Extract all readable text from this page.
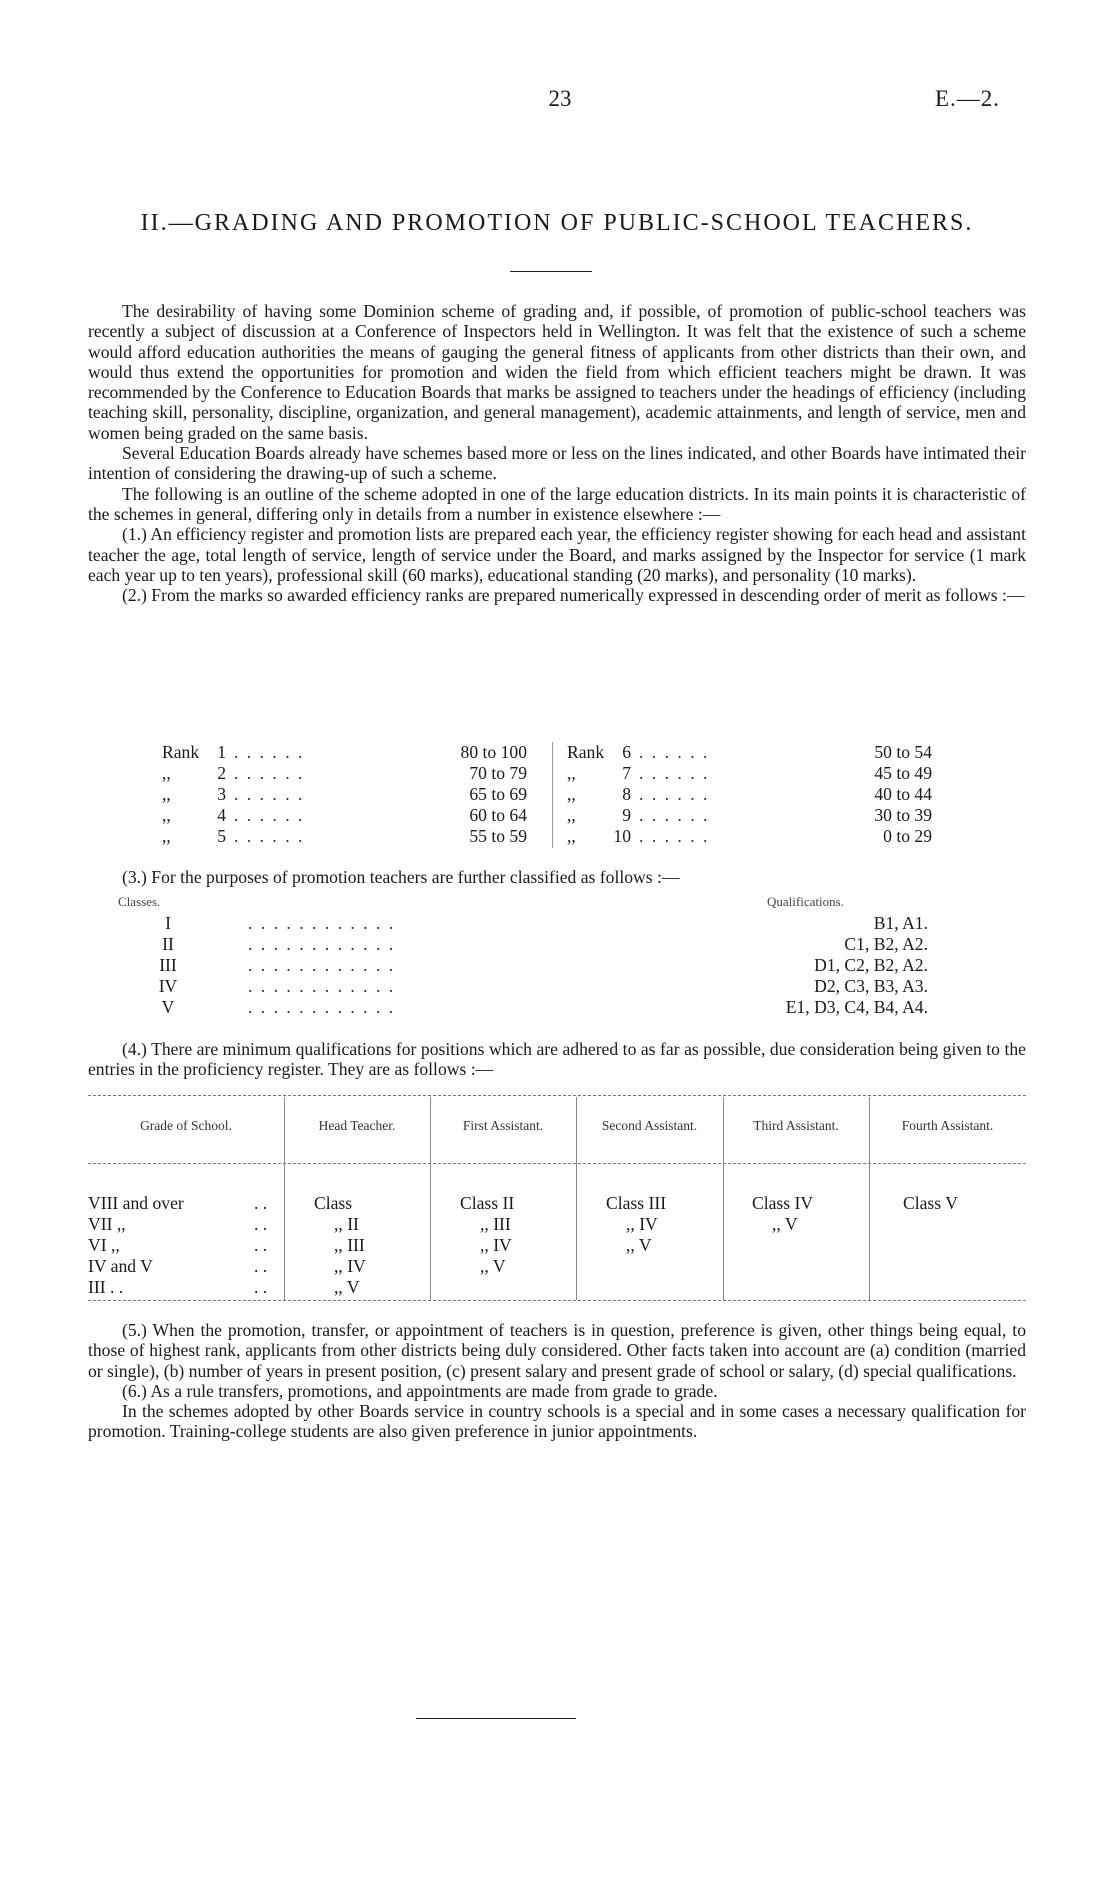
23	E.—2.
II.—GRADING AND PROMOTION OF PUBLIC-SCHOOL TEACHERS.

The desirability of having some Dominion scheme of grading and, if possible, of promotion of public-school teachers was recently a subject of discussion at a Conference of Inspectors held in Wellington. It was felt that the existence of such a scheme would afford education authorities the means of gauging the general fitness of applicants from other districts than their own, and would thus extend the opportunities for promotion and widen the field from which efficient teachers might be drawn. It was recommended by the Conference to Education Boards that marks be assigned to teachers under the headings of efficiency (including teaching skill, personality, discipline, organization, and general management), academic attainments, and length of service, men and women being graded on the same basis.

Several Education Boards already have schemes based more or less on the lines indicated, and other Boards have intimated their intention of considering the drawing-up of such a scheme.

The following is an outline of the scheme adopted in one of the large education districts. In its main points it is characteristic of the schemes in general, differing only in details from a number in existence elsewhere :—

(1.) An efficiency register and promotion lists are prepared each year, the efficiency register showing for each head and assistant teacher the age, total length of service, length of service under the Board, and marks assigned by the Inspector for service (1 mark each year up to ten years), professional skill (60 marks), educational standing (20 marks), and personality (10 marks).

(2.) From the marks so awarded efficiency ranks are prepared numerically expressed in descending order of merit as follows :—

Rank	1 . . . . . .	80 to 100
,,	2 . . . . . .	70 to 79
,,	3 . . . . . .	65 to 69
,,	4 . . . . . .	60 to 64
,,	5 . . . . . .	55 to 59
Rank	6 . . . . . .	50 to 54
,,	7 . . . . . .	45 to 49
,,	8 . . . . . .	40 to 44
,,	9 . . . . . .	30 to 39
,,	10 . . . . . .	0 to 29

(3.) For the purposes of promotion teachers are further classified as follows :—

Classes.	Qualifications.
I	. . . . . . . . . . . .	B1, A1.
II	. . . . . . . . . . . .	C1, B2, A2.
III	. . . . . . . . . . . .	D1, C2, B2, A2.
IV	. . . . . . . . . . . .	D2, C3, B3, A3.
V	. . . . . . . . . . . .	E1, D3, C4, B4, A4.

(4.) There are minimum qualifications for positions which are adhered to as far as possible, due consideration being given to the entries in the proficiency register. They are as follows :—

Grade of School.	Head Teacher.	First Assistant.	Second Assistant.	Third Assistant.	Fourth Assistant.
VIII and over	. .	Class	Class II	Class III	Class IV	Class V
VII ,,	. .	,, II	,, III	,, IV	,, V
VI ,,	. .	,, III	,, IV	,, V
IV and V	. .	,, IV	,, V
III . .	. .	,, V

(5.) When the promotion, transfer, or appointment of teachers is in question, preference is given, other things being equal, to those of highest rank, applicants from other districts being duly considered. Other facts taken into account are (a) condition (married or single), (b) number of years in present position, (c) present salary and present grade of school or salary, (d) special qualifications.

(6.) As a rule transfers, promotions, and appointments are made from grade to grade.

In the schemes adopted by other Boards service in country schools is a special and in some cases a necessary qualification for promotion. Training-college students are also given preference in junior appointments.
